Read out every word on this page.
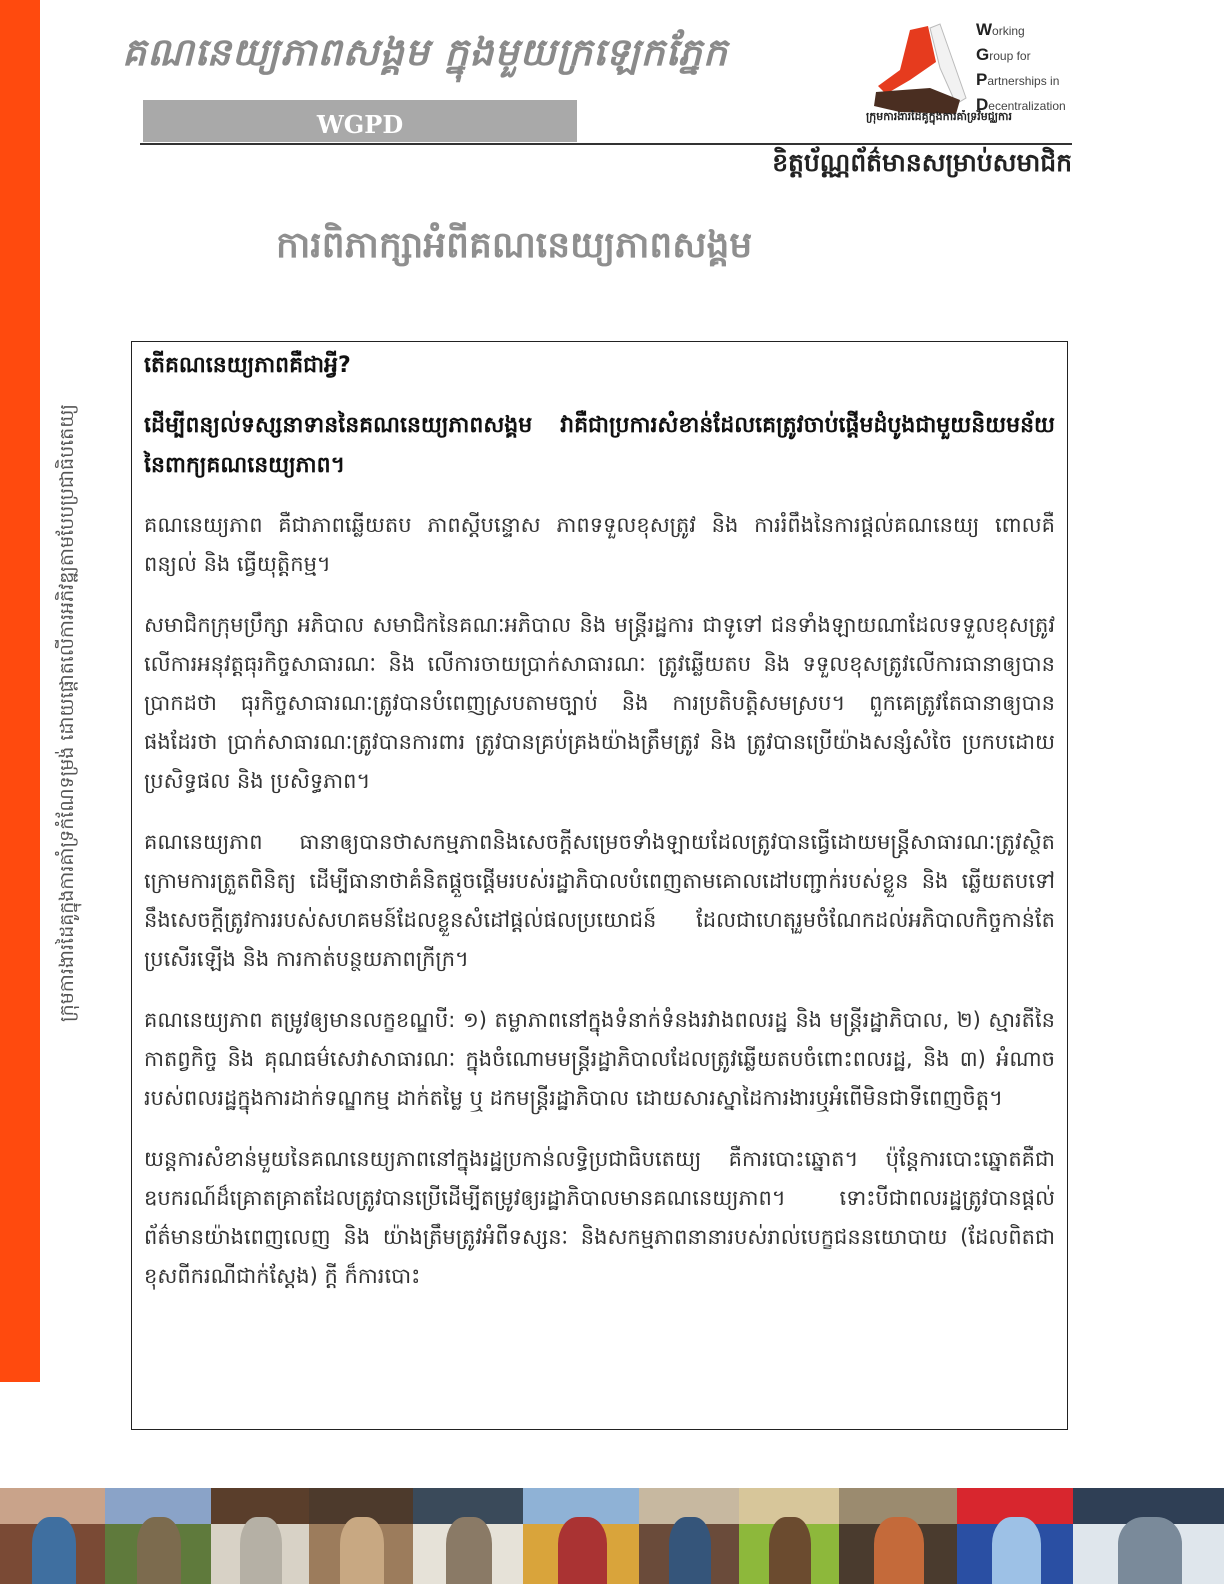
ក្រុមការងារដៃគូក្នុងការគាំទ្រកំណែទម្រង់ ដោយផ្តោតលើការអភិវឌ្ឍតាមបែបប្រជាធិបតេយ្យ
គណនេយ្យភាពសង្គម ក្នុងមួយក្រឡេកភ្នែក
WGPD
Working
Group for
Partnerships in
Decentralization
ក្រុមការងារដៃគូក្នុងការគាំទ្រវិមជ្ឈការ
ខិត្តប័ណ្ណព័ត៌មានសម្រាប់សមាជិក
ការពិភាក្សាអំពីគណនេយ្យភាពសង្គម
តើគណនេយ្យភាពគឺជាអ្វី?
ដើម្បីពន្យល់ទស្សនាទាននៃគណនេយ្យភាពសង្គម វាគឺជាប្រការសំខាន់ដែលគេត្រូវចាប់ផ្តើមដំបូងជាមួយនិយមន័យនៃពាក្យគណនេយ្យភាព។

គណនេយ្យភាព គឺជាភាពឆ្លើយតប ភាពស្តីបន្ទោស ភាពទទួលខុសត្រូវ និង ការរំពឹងនៃការផ្តល់គណនេយ្យ ពោលគឺ ពន្យល់ និង ធ្វើយុត្តិកម្ម។

សមាជិកក្រុមប្រឹក្សា អភិបាល សមាជិកនៃគណៈអភិបាល និង មន្ត្រីរដ្ឋការ ជាទូទៅ ជនទាំងឡាយណាដែលទទួលខុសត្រូវលើការអនុវត្តធុរកិច្ចសាធារណៈ និង លើការចាយប្រាក់សាធារណៈ ត្រូវឆ្លើយតប និង ទទួលខុសត្រូវលើការធានាឲ្យបានប្រាកដថា ធុរកិច្ចសាធារណៈត្រូវបានបំពេញស្របតាមច្បាប់ និង ការប្រតិបត្តិសមស្រប។ ពួកគេត្រូវតែធានាឲ្យបានផងដែរថា ប្រាក់សាធារណៈត្រូវបានការពារ ត្រូវបានគ្រប់គ្រងយ៉ាងត្រឹមត្រូវ និង ត្រូវបានប្រើយ៉ាងសន្សំសំចៃ ប្រកបដោយប្រសិទ្ធផល និង ប្រសិទ្ធភាព។

គណនេយ្យភាព ធានាឲ្យបានថាសកម្មភាពនិងសេចក្តីសម្រេចទាំងឡាយដែលត្រូវបានធ្វើដោយមន្ត្រីសាធារណៈត្រូវស្ថិតក្រោមការត្រួតពិនិត្យ ដើម្បីធានាថាគំនិតផ្តួចផ្តើមរបស់រដ្ឋាភិបាលបំពេញតាមគោលដៅបញ្ជាក់របស់ខ្លួន និង ឆ្លើយតបទៅនឹងសេចក្តីត្រូវការរបស់សហគមន៍ដែលខ្លួនសំដៅផ្តល់ផលប្រយោជន៍ ដែលជាហេតុរួមចំណែកដល់អភិបាលកិច្ចកាន់តែប្រសើរឡើង និង ការកាត់បន្ថយភាពក្រីក្រ។

គណនេយ្យភាព តម្រូវឲ្យមានលក្ខខណ្ឌបី: ១) តម្លាភាពនៅក្នុងទំនាក់ទំនងរវាងពលរដ្ឋ និង មន្ត្រីរដ្ឋាភិបាល, ២) ស្មារតីនៃកាតព្វកិច្ច និង គុណធម៌សេវាសាធារណៈ ក្នុងចំណោមមន្ត្រីរដ្ឋាភិបាលដែលត្រូវឆ្លើយតបចំពោះពលរដ្ឋ, និង ៣) អំណាចរបស់ពលរដ្ឋក្នុងការដាក់ទណ្ឌកម្ម ដាក់តម្លៃ ឬ ដកមន្ត្រីរដ្ឋាភិបាល ដោយសារស្នាដៃការងារឬអំពើមិនជាទីពេញចិត្ត។

យន្តការសំខាន់មួយនៃគណនេយ្យភាពនៅក្នុងរដ្ឋប្រកាន់លទ្ធិប្រជាធិបតេយ្យ គឺការបោះឆ្នោត។ ប៉ុន្តែការបោះឆ្នោតគឺជាឧបករណ៍ដ៏គ្រោតគ្រាតដែលត្រូវបានប្រើដើម្បីតម្រូវឲ្យរដ្ឋាភិបាលមានគណនេយ្យភាព។ ទោះបីជាពលរដ្ឋត្រូវបានផ្តល់ព័ត៌មានយ៉ាងពេញលេញ និង យ៉ាងត្រឹមត្រូវអំពីទស្សនៈ និងសកម្មភាពនានារបស់រាល់បេក្ខជននយោបាយ (ដែលពិតជាខុសពីករណីជាក់ស្តែង) ក្តី ក៏ការបោះ
